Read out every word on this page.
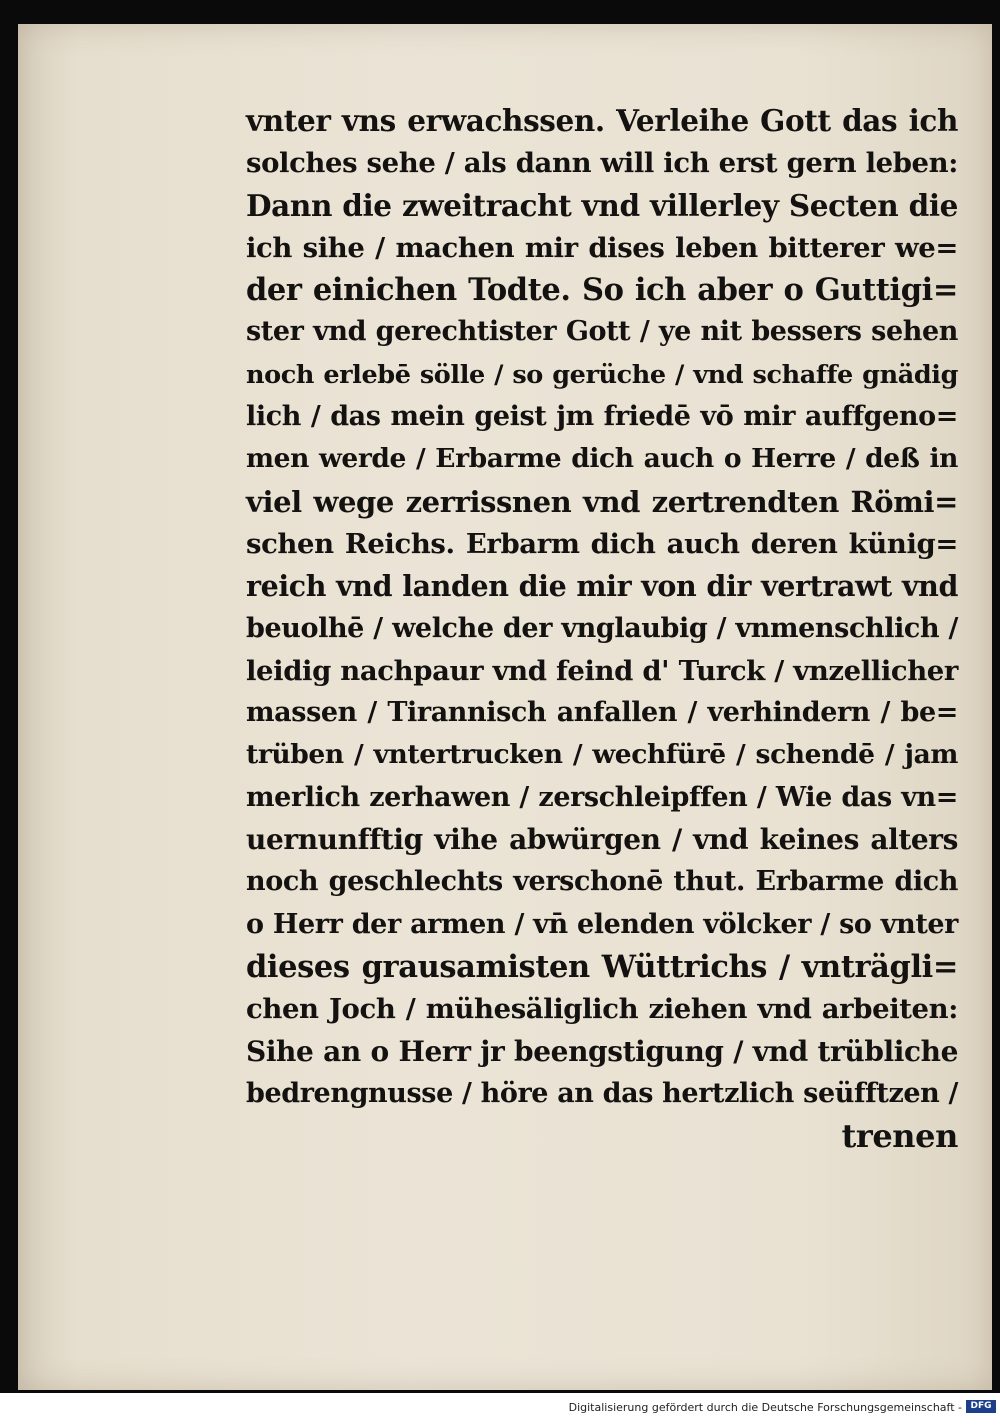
vnter vns erwachssen. Verleihe Gott das ich
solches sehe / als dann will ich erst gern leben:
Dann die zweitracht vnd villerley Secten die
ich sihe / machen mir dises leben bitterer we=
der einichen Todte. So ich aber o Guttigi=
ster vnd gerechtister Gott / ye nit bessers sehen
noch erlebē sölle / so gerüche / vnd schaffe gnädig
lich / das mein geist jm friedē vō mir auffgeno=
men werde / Erbarme dich auch o Herre / deß in
viel wege zerrissnen vnd zertrendten Römi=
schen Reichs. Erbarm dich auch deren künig=
reich vnd landen die mir von dir vertrawt vnd
beuolhē / welche der vnglaubig / vnmenschlich /
leidig nachpaur vnd feind d' Turck / vnzellicher
massen / Tirannisch anfallen / verhindern / be=
trüben / vntertrucken / wechfürē / schendē / jam
merlich zerhawen / zerschleipffen / Wie das vn=
uernunfftig vihe abwürgen / vnd keines alters
noch geschlechts verschonē thut. Erbarme dich
o Herr der armen / vn̄ elenden völcker / so vnter
dieses grausamisten Wüttrichs / vnträgli=
chen Joch / mühesäliglich ziehen vnd arbeiten:
Sihe an o Herr jr beengstigung / vnd trübliche
bedrengnusse / höre an das hertzlich seüfftzen /
trenen
Digitalisierung gefördert durch die Deutsche Forschungsgemeinschaft - DFG
